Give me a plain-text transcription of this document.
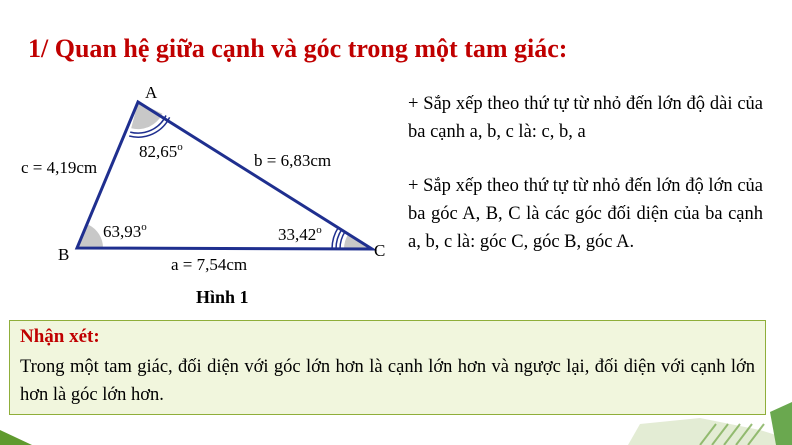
1/ Quan hệ giữa cạnh và góc trong một tam giác:
A
B	C
c = 4,19cm	b = 6,83cm
a = 7,54cm
82,65$^o$
63,93$^o$	33,42$^o$
Hình 1
+ Sắp xếp theo thứ tự từ nhỏ đến lớn độ dài của ba cạnh a, b, c là: c, b, a
+ Sắp xếp theo thứ tự từ nhỏ đến lớn độ lớn của ba góc A, B, C là các góc đối diện của ba cạnh a, b, c là: góc C, góc B, góc A.
Nhận xét:
Trong một tam giác, đối diện với góc lớn hơn là cạnh lớn hơn và ngược lại, đối diện với cạnh lớn hơn là góc lớn hơn.
